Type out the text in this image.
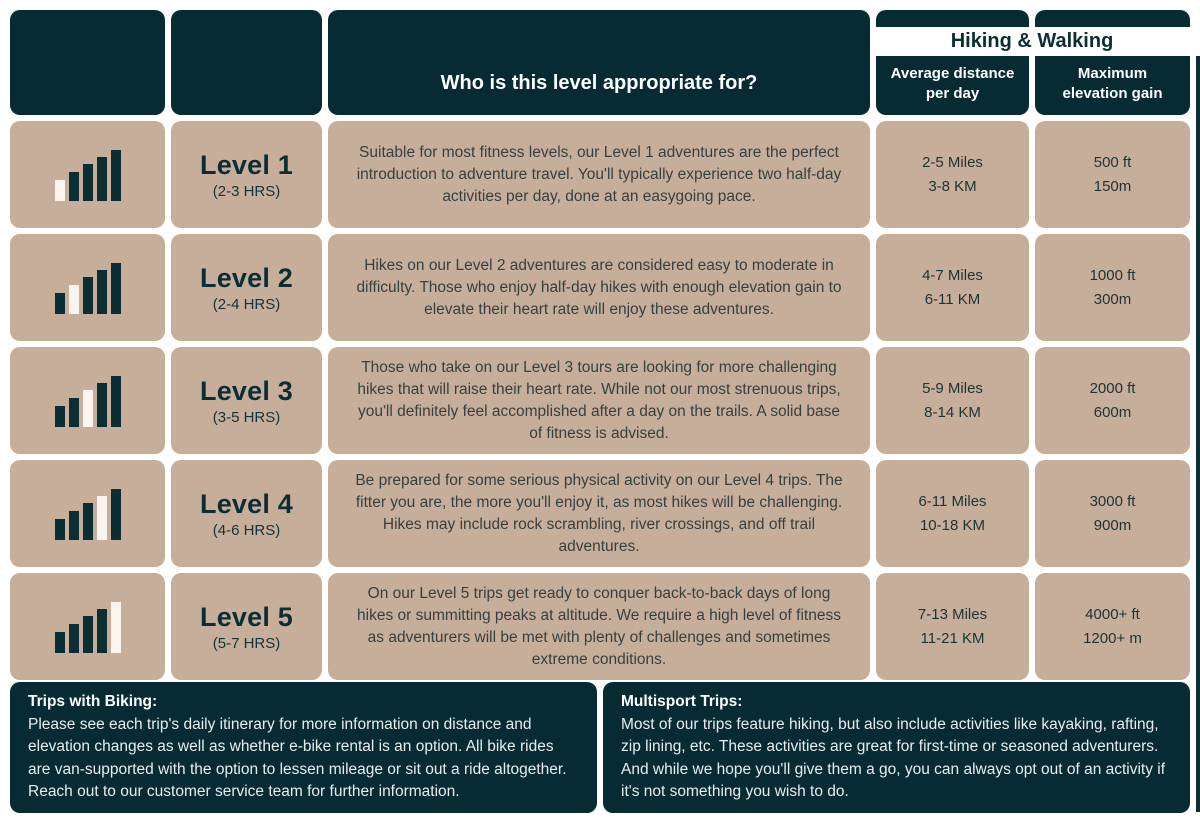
Who is this level appropriate for?	Average distance
per day
Maximum
elevation gain
Level 1
(2-3 HRS)

Suitable for most fitness levels, our Level 1 adventures are the perfect introduction to adventure travel. You'll typically experience two half-day activities per day, done at an easygoing pace.

2-5 Miles
3-8 KM
500 ft
150m
Level 2
(2-4 HRS)

Hikes on our Level 2 adventures are considered easy to moderate in difficulty. Those who enjoy half-day hikes with enough elevation gain to elevate their heart rate will enjoy these adventures.

4-7 Miles
6-11 KM
1000 ft
300m
Level 3
(3-5 HRS)

Those who take on our Level 3 tours are looking for more challenging hikes that will raise their heart rate. While not our most strenuous trips, you'll definitely feel accomplished after a day on the trails. A solid base of fitness is advised.

5-9 Miles
8-14 KM
2000 ft
600m
Level 4
(4-6 HRS)

Be prepared for some serious physical activity on our Level 4 trips. The fitter you are, the more you'll enjoy it, as most hikes will be challenging. Hikes may include rock scrambling, river crossings, and off trail adventures.

6-11 Miles
10-18 KM
3000 ft
900m
Level 5
(5-7 HRS)

On our Level 5 trips get ready to conquer back-to-back days of long hikes or summitting peaks at altitude. We require a high level of fitness as adventurers will be met with plenty of challenges and sometimes extreme conditions.

7-13 Miles
11-21 KM
4000+ ft
1200+ m
Hiking & Walking
Trips with Biking:

Please see each trip's daily itinerary for more information on distance and elevation changes as well as whether e-bike rental is an option. All bike rides are van-supported with the option to lessen mileage or sit out a ride altogether. Reach out to our customer service team for further information.

Multisport Trips:

Most of our trips feature hiking, but also include activities like kayaking, rafting, zip lining, etc. These activities are great for first-time or seasoned adventurers. And while we hope you'll give them a go, you can always opt out of an activity if it's not something you wish to do.
